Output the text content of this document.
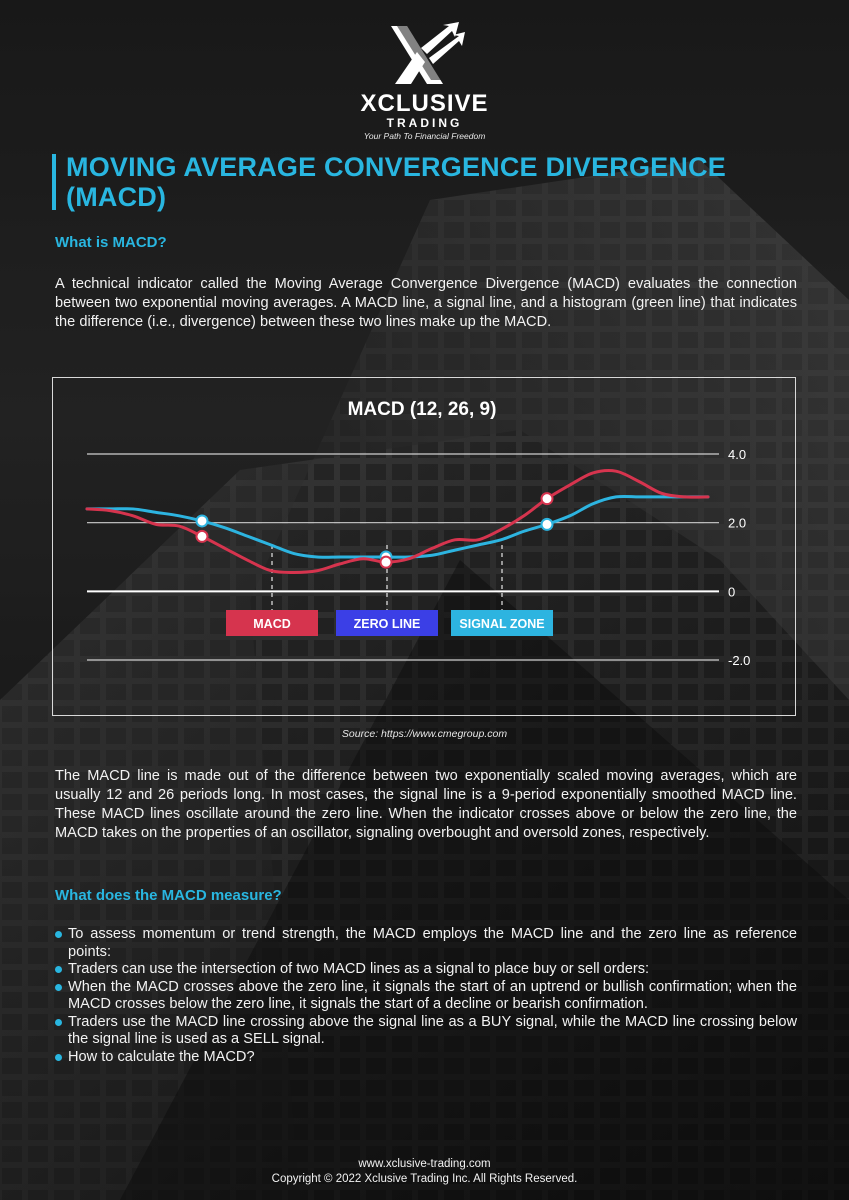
XCLUSIVE
TRADING
Your Path To Financial Freedom
MOVING AVERAGE CONVERGENCE DIVERGENCE (MACD)
What is MACD?
A technical indicator called the Moving Average Convergence Divergence (MACD) evaluates the connection between two exponential moving averages. A MACD line, a signal line, and a histogram (green line) that indicates the difference (i.e., divergence) between these two lines make up the MACD.
MACD (12, 26, 9)
4.0
2.0
0
-2.0
MACD	ZERO LINE	SIGNAL ZONE
Source: https://www.cmegroup.com
The MACD line is made out of the difference between two exponentially scaled moving averages, which are usually 12 and 26 periods long. In most cases, the signal line is a 9-period exponentially smoothed MACD line. These MACD lines oscillate around the zero line. When the indicator crosses above or below the zero line, the MACD takes on the properties of an oscillator, signaling overbought and oversold zones, respectively.
What does the MACD measure?
To assess momentum or trend strength, the MACD employs the MACD line and the zero line as reference points:
Traders can use the intersection of two MACD lines as a signal to place buy or sell orders:
When the MACD crosses above the zero line, it signals the start of an uptrend or bullish confirmation; when the MACD crosses below the zero line, it signals the start of a decline or bearish confirmation.
Traders use the MACD line crossing above the signal line as a BUY signal, while the MACD line crossing below the signal line is used as a SELL signal.
How to calculate the MACD?
www.xclusive-trading.com
Copyright © 2022 Xclusive Trading Inc. All Rights Reserved.
